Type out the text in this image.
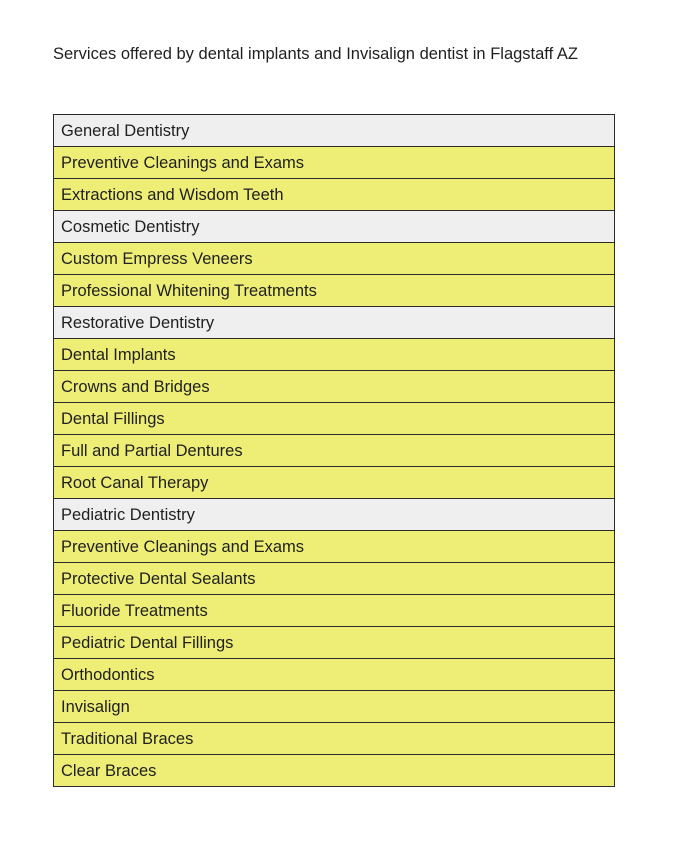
Services offered by dental implants and Invisalign dentist in Flagstaff AZ
General Dentistry
Preventive Cleanings and Exams
Extractions and Wisdom Teeth
Cosmetic Dentistry
Custom Empress Veneers
Professional Whitening Treatments
Restorative Dentistry
Dental Implants
Crowns and Bridges
Dental Fillings
Full and Partial Dentures
Root Canal Therapy
Pediatric Dentistry
Preventive Cleanings and Exams
Protective Dental Sealants
Fluoride Treatments
Pediatric Dental Fillings
Orthodontics
Invisalign
Traditional Braces
Clear Braces
